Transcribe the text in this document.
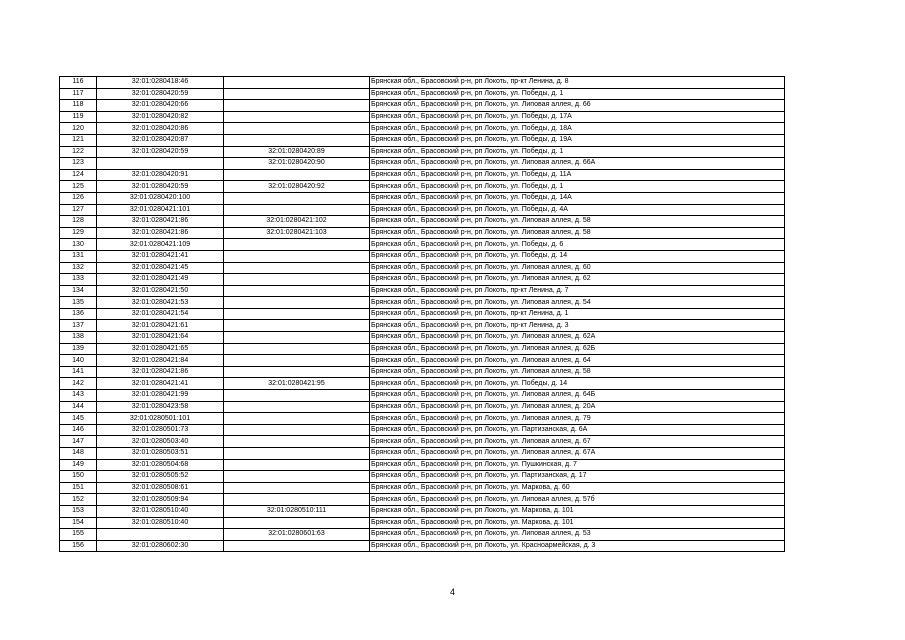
116	32:01:0280418:46		Брянская обл., Брасовский р-н, рп Локоть, пр-кт Ленина, д. 8
117	32:01:0280420:59		Брянская обл., Брасовский р-н, рп Локоть, ул. Победы, д. 1
118	32:01:0280420:66		Брянская обл., Брасовский р-н, рп Локоть, ул. Липовая аллея, д. 66
119	32:01:0280420:82		Брянская обл., Брасовский р-н, рп Локоть, ул. Победы, д. 17А
120	32:01:0280420:86		Брянская обл., Брасовский р-н, рп Локоть, ул. Победы, д. 18А
121	32:01:0280420:87		Брянская обл., Брасовский р-н, рп Локоть, ул. Победы, д. 19А
122	32:01:0280420:59	32:01:0280420:89	Брянская обл., Брасовский р-н, рп Локоть, ул. Победы, д. 1
123		32:01:0280420:90	Брянская обл., Брасовский р-н, рп Локоть, ул. Липовая аллея, д. 66А
124	32:01:0280420:91		Брянская обл., Брасовский р-н, рп Локоть, ул. Победы, д. 11А
125	32:01:0280420:59	32:01:0280420:92	Брянская обл., Брасовский р-н, рп Локоть, ул. Победы, д. 1
126	32:01:0280420:100		Брянская обл., Брасовский р-н, рп Локоть, ул. Победы, д. 14А
127	32:01:0280421:101		Брянская обл., Брасовский р-н, рп Локоть, ул. Победы, д. 4А
128	32:01:0280421:86	32:01:0280421:102	Брянская обл., Брасовский р-н, рп Локоть, ул. Липовая аллея, д. 58
129	32:01:0280421:86	32:01:0280421:103	Брянская обл., Брасовский р-н, рп Локоть, ул. Липовая аллея, д. 58
130	32:01:0280421:109		Брянская обл., Брасовский р-н, рп Локоть, ул. Победы, д. 6
131	32:01:0280421:41		Брянская обл., Брасовский р-н, рп Локоть, ул. Победы, д. 14
132	32:01:0280421:45		Брянская обл., Брасовский р-н, рп Локоть, ул. Липовая аллея, д. 60
133	32:01:0280421:49		Брянская обл., Брасовский р-н, рп Локоть, ул. Липовая аллея, д. 62
134	32:01:0280421:50		Брянская обл., Брасовский р-н, рп Локоть, пр-кт Ленина, д. 7
135	32:01:0280421:53		Брянская обл., Брасовский р-н, рп Локоть, ул. Липовая аллея, д. 54
136	32:01:0280421:54		Брянская обл., Брасовский р-н, рп Локоть, пр-кт Ленина, д. 1
137	32:01:0280421:61		Брянская обл., Брасовский р-н, рп Локоть, пр-кт Ленина, д. 3
138	32:01:0280421:64		Брянская обл., Брасовский р-н, рп Локоть, ул. Липовая аллея, д. 62А
139	32:01:0280421:65		Брянская обл., Брасовский р-н, рп Локоть, ул. Липовая аллея, д. 62Б
140	32:01:0280421:84		Брянская обл., Брасовский р-н, рп Локоть, ул. Липовая аллея, д. 64
141	32:01:0280421:86		Брянская обл., Брасовский р-н, рп Локоть, ул. Липовая аллея, д. 58
142	32:01:0280421:41	32:01:0280421:95	Брянская обл., Брасовский р-н, рп Локоть, ул. Победы, д. 14
143	32:01:0280421:99		Брянская обл., Брасовский р-н, рп Локоть, ул. Липовая аллея, д. 64Б
144	32:01:0280423:58		Брянская обл., Брасовский р-н, рп Локоть, ул. Липовая аллея, д. 20А
145	32:01:0280501:101		Брянская обл., Брасовский р-н, рп Локоть, ул. Липовая аллея, д. 79
146	32:01:0280501:73		Брянская обл., Брасовский р-н, рп Локоть, ул. Партизанская, д. 6А
147	32:01:0280503:40		Брянская обл., Брасовский р-н, рп Локоть, ул. Липовая аллея, д. 67
148	32:01:0280503:51		Брянская обл., Брасовский р-н, рп Локоть, ул. Липовая аллея, д. 67А
149	32:01:0280504:68		Брянская обл., Брасовский р-н, рп Локоть, ул. Пушкинская, д. 7
150	32:01:0280505:52		Брянская обл., Брасовский р-н, рп Локоть, ул. Партизанская, д. 17
151	32:01:0280508:61		Брянская обл., Брасовский р-н, рп Локоть, ул. Маркова, д. 60
152	32:01:0280509:94		Брянская обл., Брасовский р-н, рп Локоть, ул. Липовая аллея, д. 57б
153	32:01:0280510:40	32:01:0280510:111	Брянская обл., Брасовский р-н, рп Локоть, ул. Маркова, д. 101
154	32:01:0280510:40		Брянская обл., Брасовский р-н, рп Локоть, ул. Маркова, д. 101
155		32:01:0280601:63	Брянская обл., Брасовский р-н, рп Локоть, ул. Липовая аллея, д. 53
156	32:01:0280602:30		Брянская обл., Брасовский р-н, рп Локоть, ул. Красноармейская, д. 3
4
